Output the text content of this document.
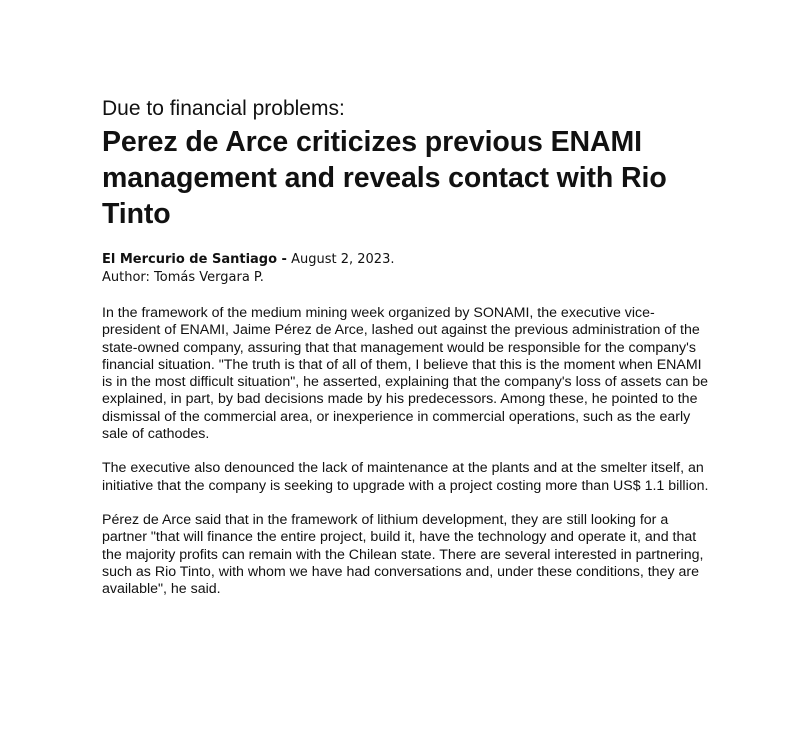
Due to financial problems:
Perez de Arce criticizes previous ENAMI management and reveals contact with Rio Tinto
El Mercurio de Santiago - August 2, 2023.
Author: Tomás Vergara P.

In the framework of the medium mining week organized by SONAMI, the executive vice-president of ENAMI, Jaime Pérez de Arce, lashed out against the previous administration of the state-owned company, assuring that that management would be responsible for the company's financial situation. "The truth is that of all of them, I believe that this is the moment when ENAMI is in the most difficult situation", he asserted, explaining that the company's loss of assets can be explained, in part, by bad decisions made by his predecessors. Among these, he pointed to the dismissal of the commercial area, or inexperience in commercial operations, such as the early sale of cathodes.

The executive also denounced the lack of maintenance at the plants and at the smelter itself, an initiative that the company is seeking to upgrade with a project costing more than US$ 1.1 billion.

Pérez de Arce said that in the framework of lithium development, they are still looking for a partner "that will finance the entire project, build it, have the technology and operate it, and that the majority profits can remain with the Chilean state. There are several interested in partnering, such as Rio Tinto, with whom we have had conversations and, under these conditions, they are available", he said.
